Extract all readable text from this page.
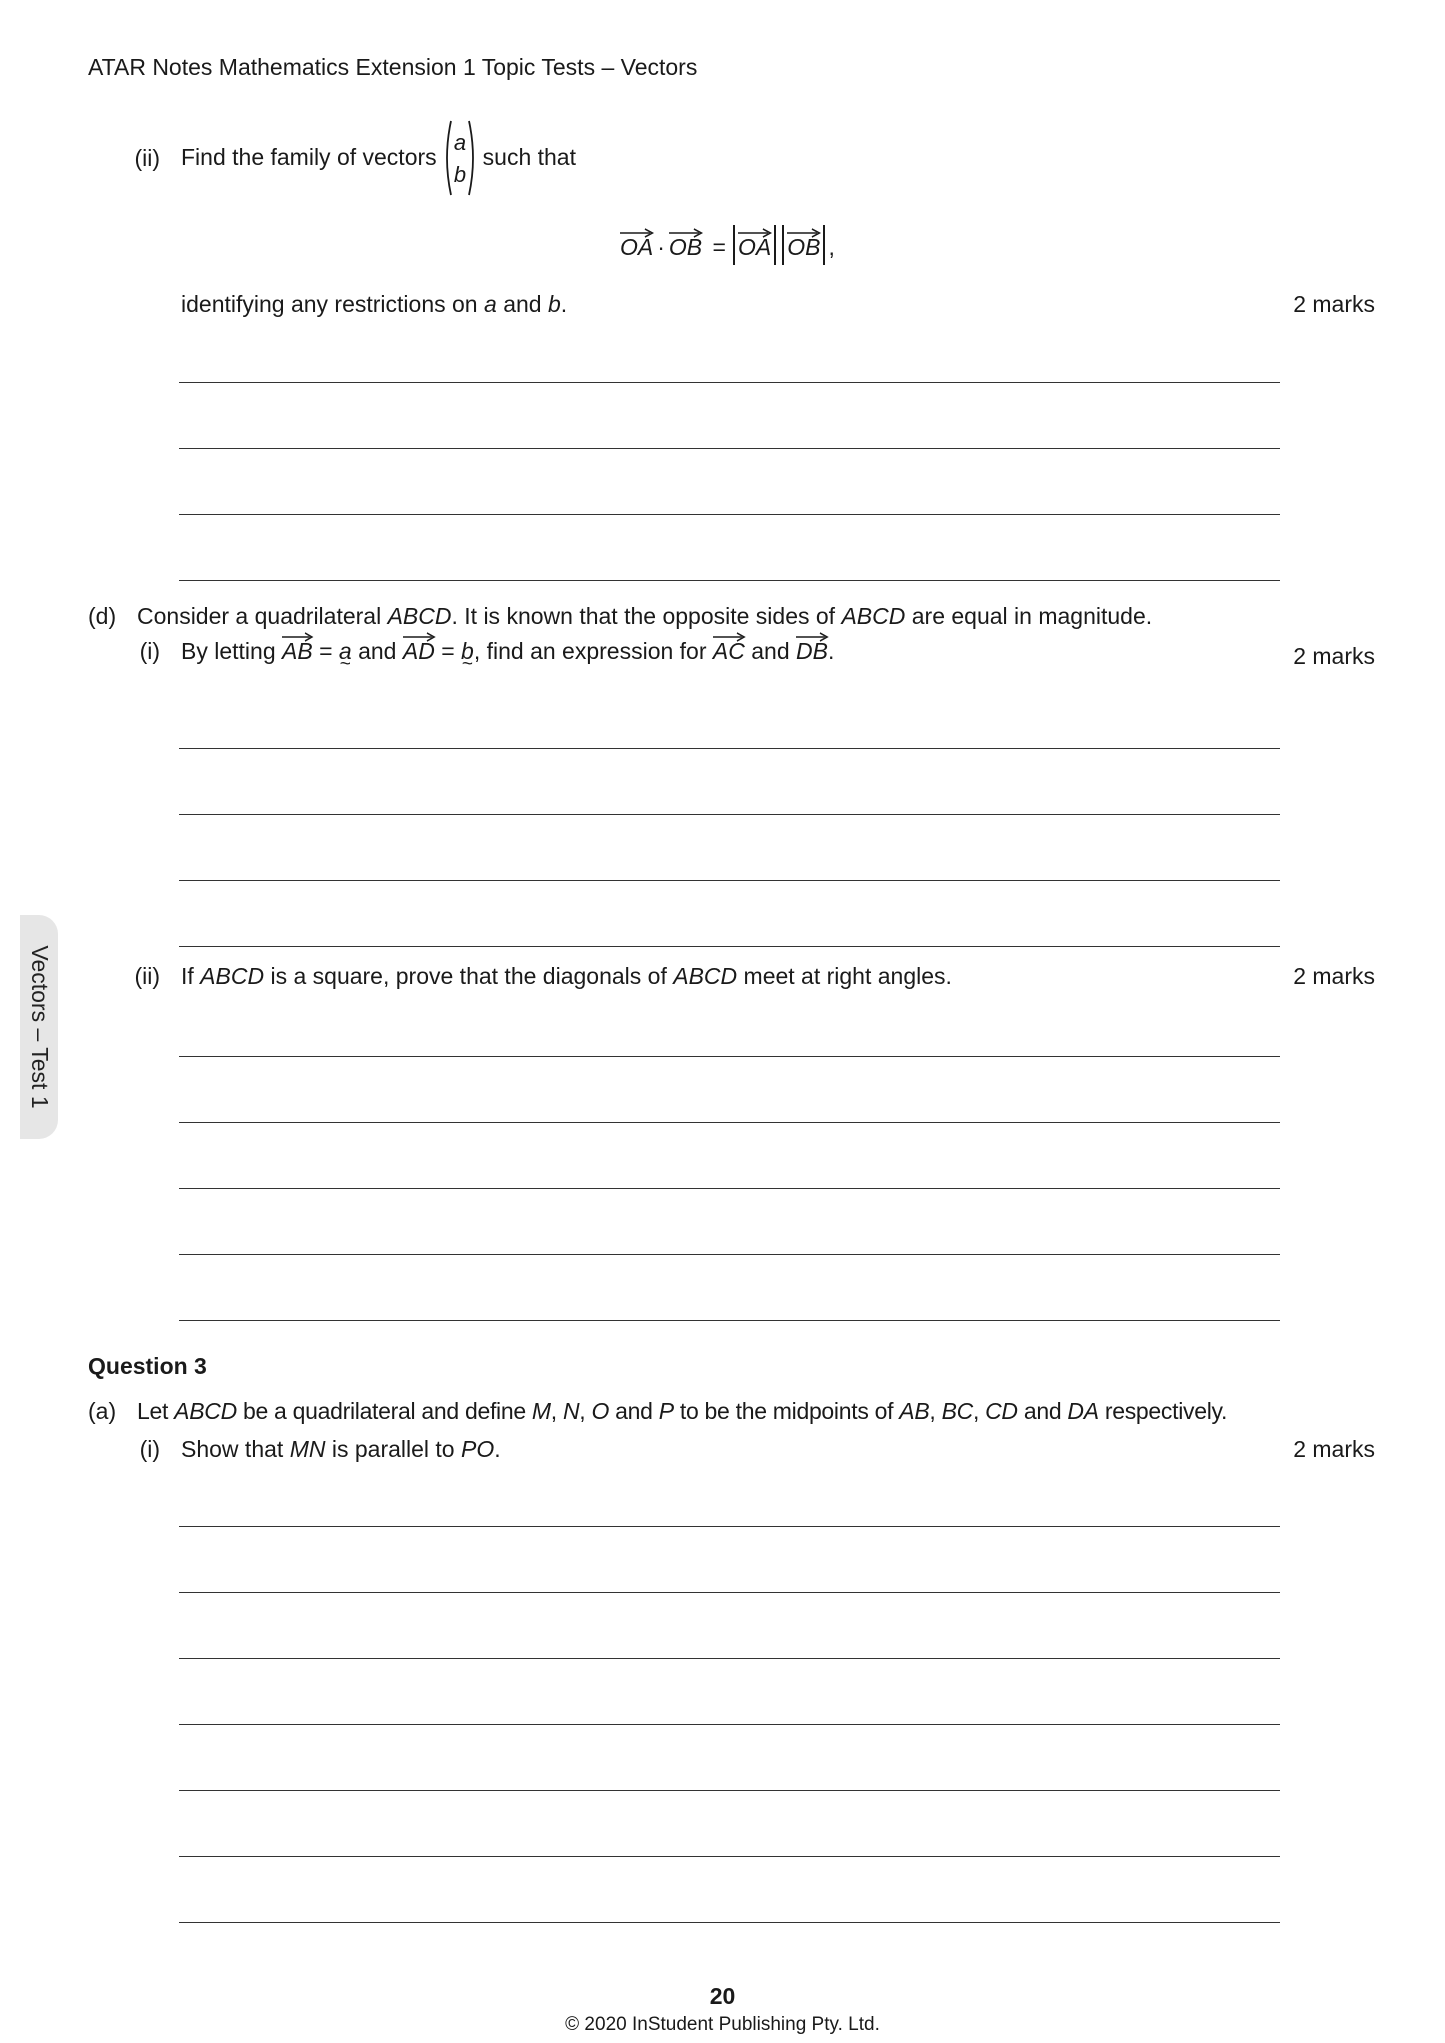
ATAR Notes Mathematics Extension 1 Topic Tests – Vectors
Vectors – Test 1
(ii) Find the family of vectors
a
b
such that
OA · OB = OA OB ,
identifying any restrictions on a and b.	2 marks
(d) Consider a quadrilateral ABCD. It is known that the opposite sides of ABCD are equal in magnitude.
(i) By letting AB = a ~ and AD = b ~, find an expression for AC and DB.	2 marks
(ii) If ABCD is a square, prove that the diagonals of ABCD meet at right angles.	2 marks
Question 3
(a) Let ABCD be a quadrilateral and define M, N, O and P to be the midpoints of AB, BC, CD and DA respectively.
(i) Show that MN is parallel to PO.	2 marks
20
© 2020 InStudent Publishing Pty. Ltd.
